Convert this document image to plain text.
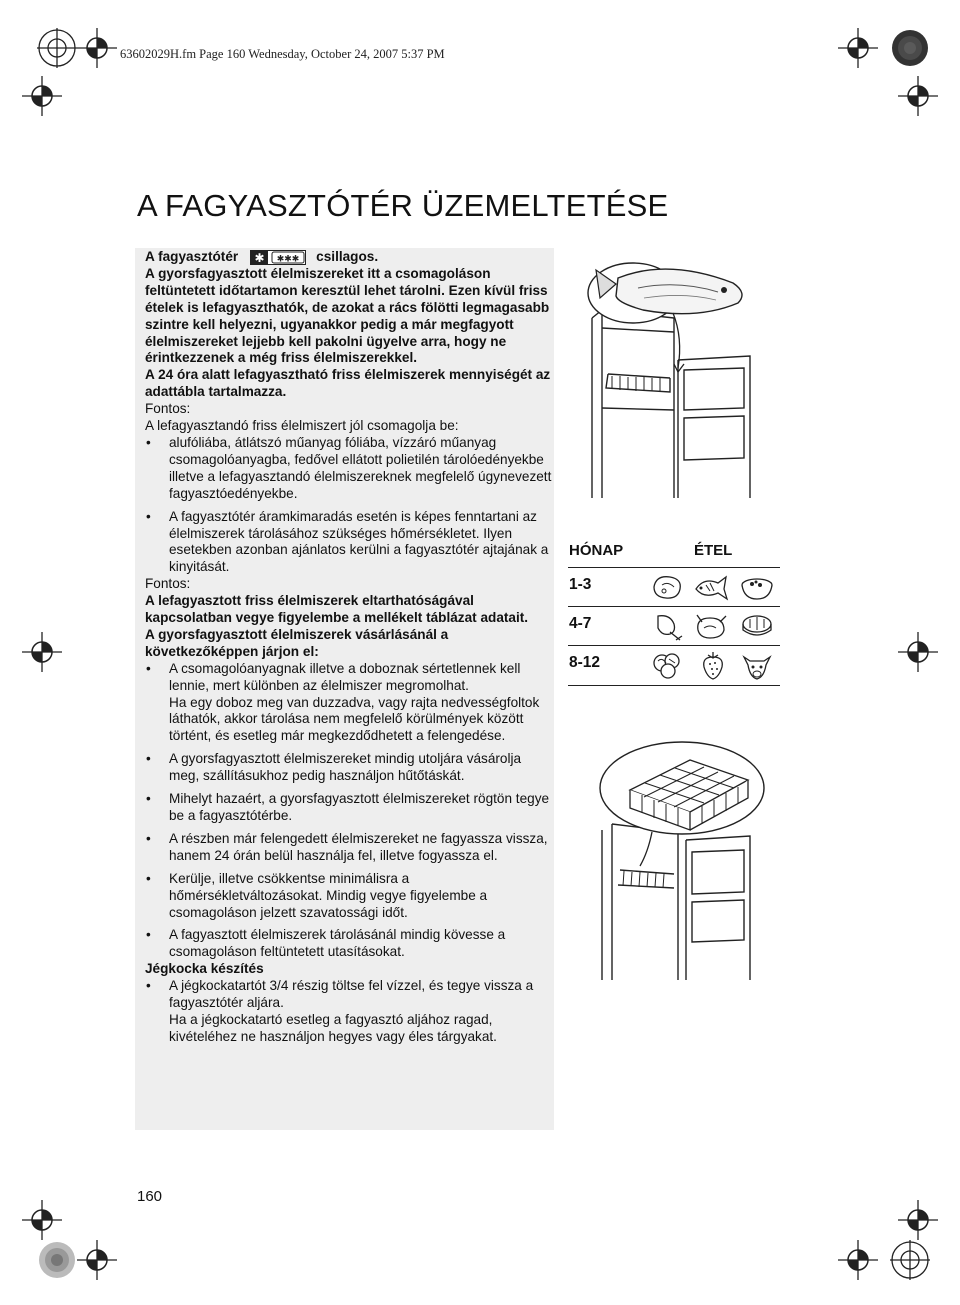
63602029H.fm Page 160 Wednesday, October 24, 2007 5:37 PM
A FAGYASZTÓTÉR ÜZEMELTETÉSE

A fagyasztótér ✱ ✱✱✱ csillagos.

A gyorsfagyasztott élelmiszereket itt a csomagoláson feltüntetett időtartamon keresztül lehet tárolni. Ezen kívül friss ételek is lefagyaszthatók, de azokat a rács fölötti legmagasabb szintre kell helyezni, ugyanakkor pedig a már megfagyott élelmiszereket lejjebb kell pakolni ügyelve arra, hogy ne érintkezzenek a még friss élelmiszerekkel.

A 24 óra alatt lefagyasztható friss élelmiszerek mennyiségét az adattábla tartalmazza.

Fontos:

A lefagyasztandó friss élelmiszert jól csomagolja be:

• alufóliába, átlátszó műanyag fóliába, vízzáró műanyag csomagolóanyagba, fedővel ellátott polietilén tárolóedényekbe illetve a lefagyasztandó élelmiszereknek megfelelő úgynevezett fagyasztóedényekbe.
• A fagyasztótér áramkimaradás esetén is képes fenntartani az élelmiszerek tárolásához szükséges hőmérsékletet. Ilyen esetekben azonban ajánlatos kerülni a fagyasztótér ajtajának a kinyitását.

Fontos:

A lefagyasztott friss élelmiszerek eltarthatóságával kapcsolatban vegye figyelembe a mellékelt táblázat adatait.

A gyorsfagyasztott élelmiszerek vásárlásánál a következőképpen járjon el:

• A csomagolóanyagnak illetve a doboznak sértetlennek kell lennie, mert különben az élelmiszer megromolhat.
Ha egy doboz meg van duzzadva, vagy rajta nedvességfoltok láthatók, akkor tárolása nem megfelelő körülmények között történt, és esetleg már megkezdődhetett a felengedése.
• A gyorsfagyasztott élelmiszereket mindig utoljára vásárolja meg, szállításukhoz pedig használjon hűtőtáskát.
• Mihelyt hazaért, a gyorsfagyasztott élelmiszereket rögtön tegye be a fagyasztótérbe.
• A részben már felengedett élelmiszereket ne fagyassza vissza, hanem 24 órán belül használja fel, illetve fogyassza el.
• Kerülje, illetve csökkentse minimálisra a hőmérsékletváltozásokat. Mindig vegye figyelembe a csomagoláson jelzett szavatossági időt.
• A fagyasztott élelmiszerek tárolásánál mindig kövesse a csomagoláson feltüntetett utasításokat.

Jégkocka készítés

• A jégkockatartót 3/4 részig töltse fel vízzel, és tegye vissza a fagyasztótér aljára.
Ha a jégkockatartó esetleg a fagyasztó aljához ragad, kivételéhez ne használjon hegyes vagy éles tárgyakat.
HÓNAP	ÉTEL
1-3
4-7
8-12
160
